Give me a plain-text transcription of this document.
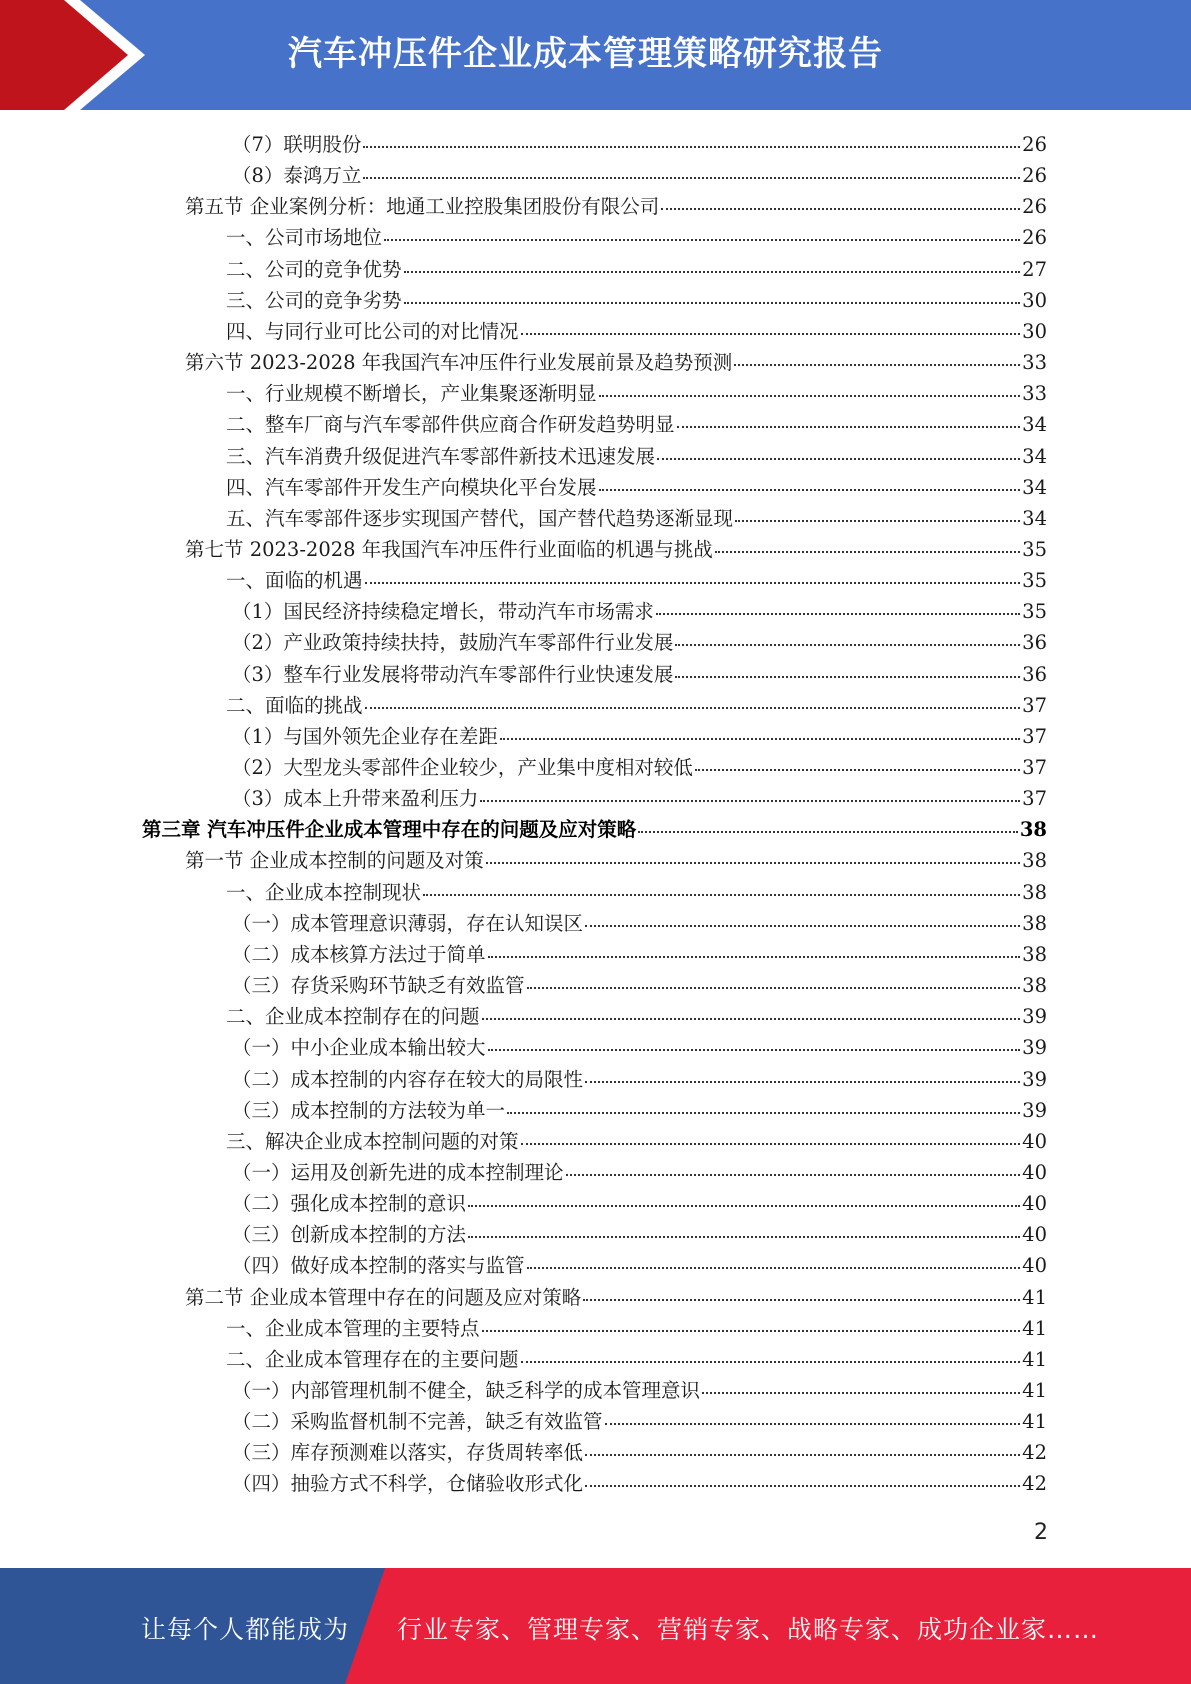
汽车冲压件企业成本管理策略研究报告
（7）联明股份	26
（8）泰鸿万立	26
第五节 企业案例分析：地通工业控股集团股份有限公司	26
一、公司市场地位	26
二、公司的竞争优势	27
三、公司的竞争劣势	30
四、与同行业可比公司的对比情况	30
第六节 2023-2028 年我国汽车冲压件行业发展前景及趋势预测	33
一、行业规模不断增长，产业集聚逐渐明显	33
二、整车厂商与汽车零部件供应商合作研发趋势明显	34
三、汽车消费升级促进汽车零部件新技术迅速发展	34
四、汽车零部件开发生产向模块化平台发展	34
五、汽车零部件逐步实现国产替代，国产替代趋势逐渐显现	34
第七节 2023-2028 年我国汽车冲压件行业面临的机遇与挑战	35
一、面临的机遇	35
（1）国民经济持续稳定增长，带动汽车市场需求	35
（2）产业政策持续扶持，鼓励汽车零部件行业发展	36
（3）整车行业发展将带动汽车零部件行业快速发展	36
二、面临的挑战	37
（1）与国外领先企业存在差距	37
（2）大型龙头零部件企业较少，产业集中度相对较低	37
（3）成本上升带来盈利压力	37
第三章 汽车冲压件企业成本管理中存在的问题及应对策略	38
第一节 企业成本控制的问题及对策	38
一、企业成本控制现状	38
（一）成本管理意识薄弱，存在认知误区	38
（二）成本核算方法过于简单	38
（三）存货采购环节缺乏有效监管	38
二、企业成本控制存在的问题	39
（一）中小企业成本输出较大	39
（二）成本控制的内容存在较大的局限性	39
（三）成本控制的方法较为单一	39
三、解决企业成本控制问题的对策	40
（一）运用及创新先进的成本控制理论	40
（二）强化成本控制的意识	40
（三）创新成本控制的方法	40
（四）做好成本控制的落实与监管	40
第二节 企业成本管理中存在的问题及应对策略	41
一、企业成本管理的主要特点	41
二、企业成本管理存在的主要问题	41
（一）内部管理机制不健全，缺乏科学的成本管理意识	41
（二）采购监督机制不完善，缺乏有效监管	41
（三）库存预测难以落实，存货周转率低	42
（四）抽验方式不科学，仓储验收形式化	42
2
让每个人都能成为 行业专家、管理专家、营销专家、战略专家、成功企业家……
